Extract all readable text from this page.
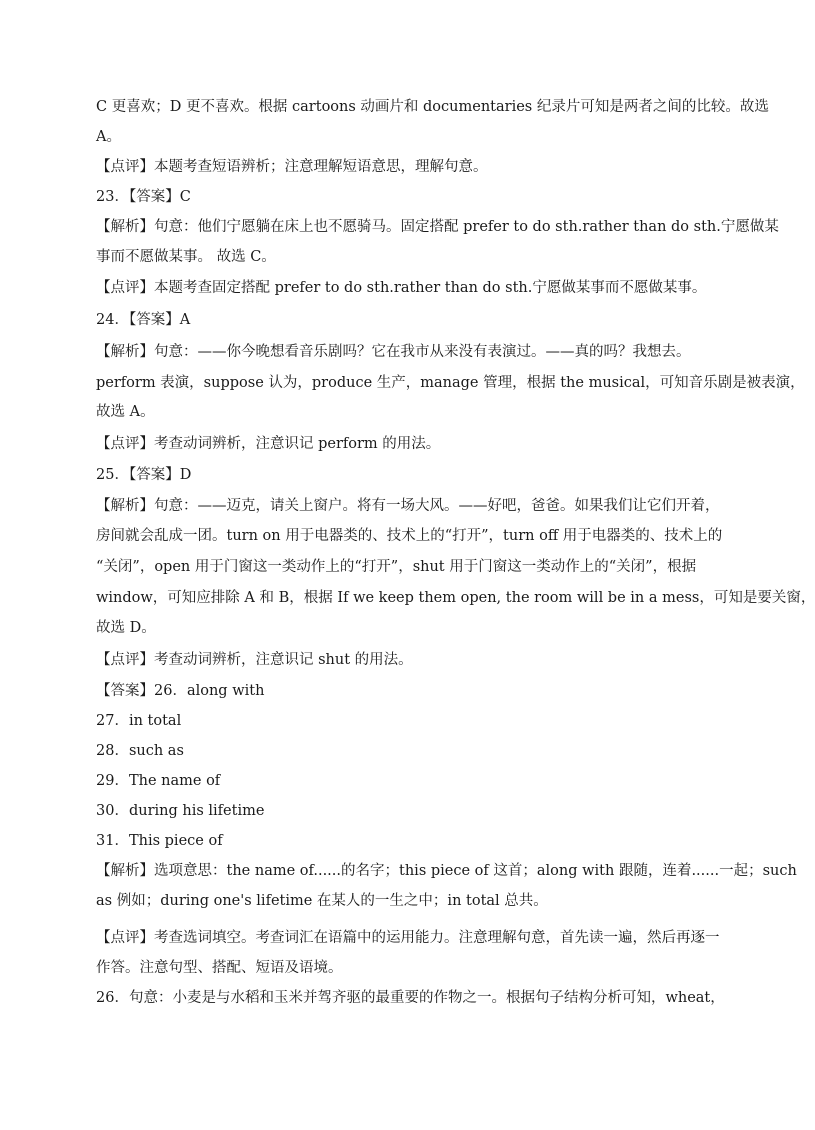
C 更喜欢；D 更不喜欢。根据 cartoons 动画片和 documentaries 纪录片可知是两者之间的比较。故选
A。
【点评】本题考查短语辨析；注意理解短语意思，理解句意。
23．【答案】C
【解析】句意：他们宁愿躺在床上也不愿骑马。固定搭配 prefer to do sth.rather than do sth.宁愿做某
事而不愿做某事。 故选 C。
【点评】本题考查固定搭配 prefer to do sth.rather than do sth.宁愿做某事而不愿做某事。
24．【答案】A
【解析】句意：——你今晚想看音乐剧吗？它在我市从来没有表演过。——真的吗？我想去。
perform 表演，suppose 认为，produce 生产，manage 管理，根据 the musical，可知音乐剧是被表演，
故选 A。
【点评】考查动词辨析，注意识记 perform 的用法。
25．【答案】D
【解析】句意：——迈克，请关上窗户。将有一场大风。——好吧，爸爸。如果我们让它们开着，
房间就会乱成一团。turn on 用于电器类的、技术上的“打开”，turn off 用于电器类的、技术上的
“关闭”，open 用于门窗这一类动作上的“打开”，shut 用于门窗这一类动作上的“关闭”，根据
window，可知应排除 A 和 B，根据 If we keep them open, the room will be in a mess，可知是要关窗，
故选 D。
【点评】考查动词辨析，注意识记 shut 的用法。
【答案】26．along with
27．in total
28．such as
29．The name of
30．during his lifetime
31．This piece of
【解析】选项意思：the name of......的名字；this piece of 这首；along with 跟随，连着......一起；such
as 例如；during one's lifetime 在某人的一生之中；in total 总共。
【点评】考查选词填空。考查词汇在语篇中的运用能力。注意理解句意，首先读一遍，然后再逐一
作答。注意句型、搭配、短语及语境。
26．句意：小麦是与水稻和玉米并驾齐驱的最重要的作物之一。根据句子结构分析可知，wheat，
